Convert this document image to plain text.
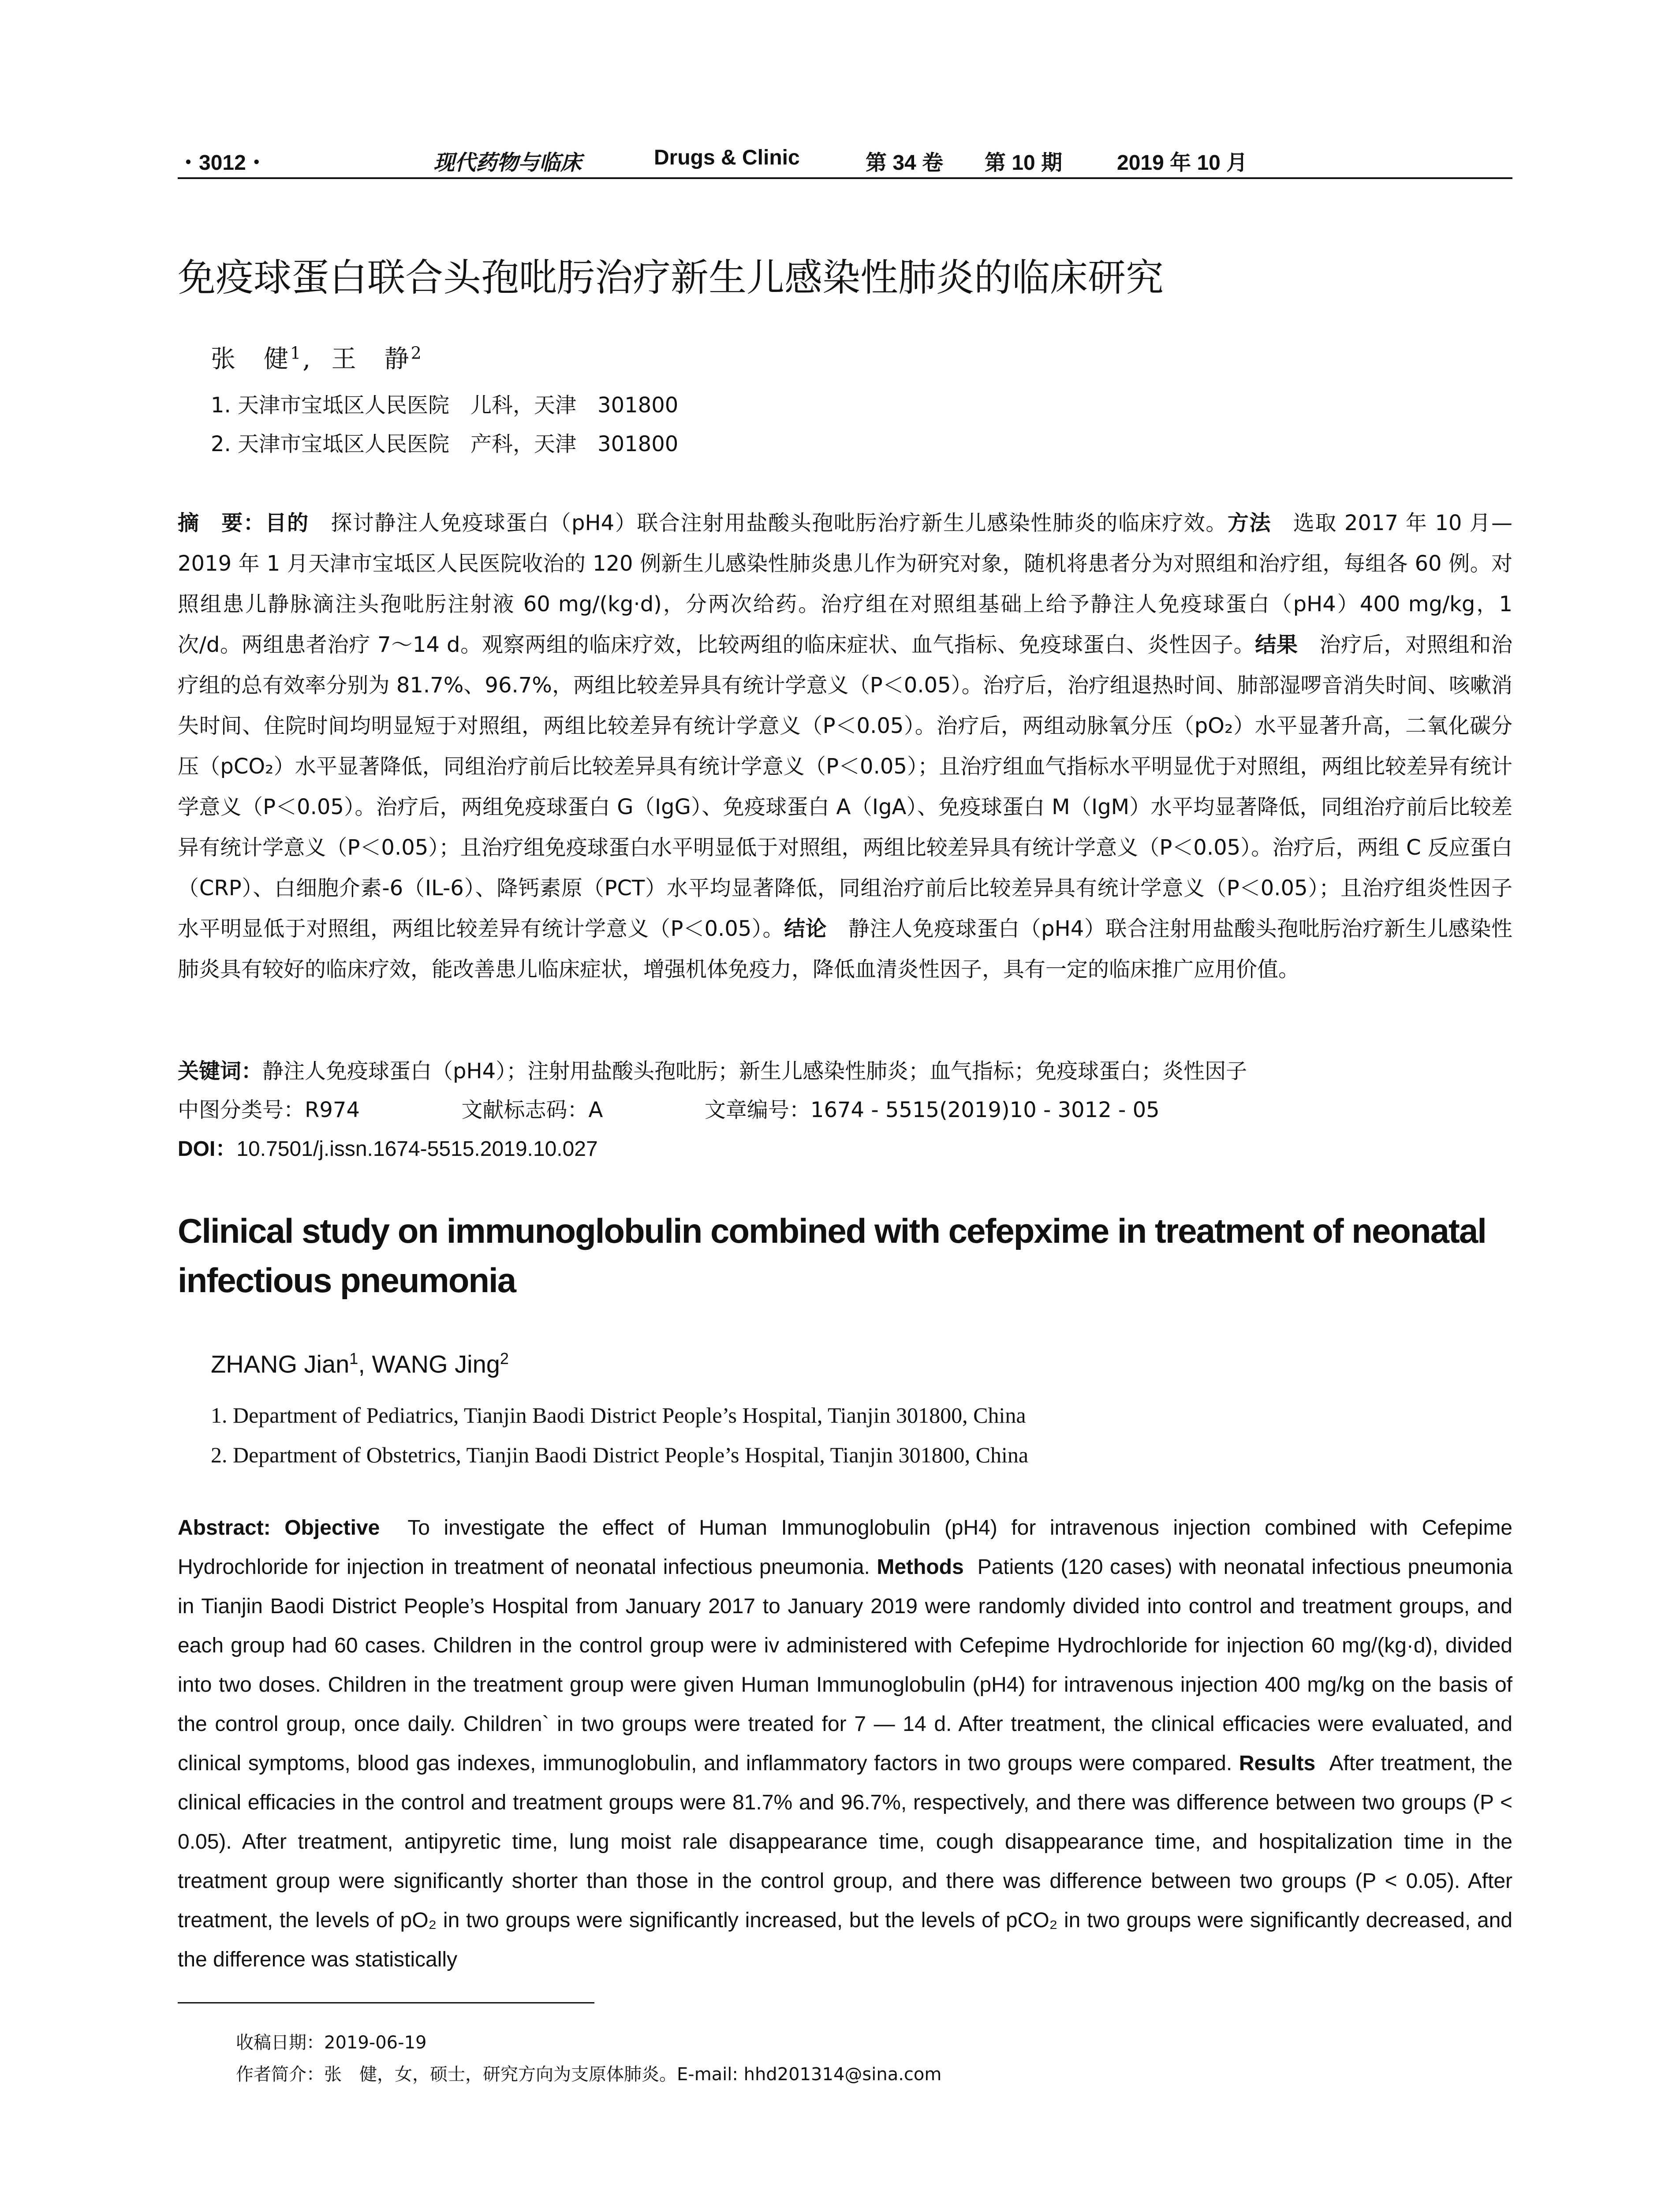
・3012・	现代药物与临床	Drugs & Clinic	第 34 卷 第 10 期	2019 年 10 月
免疫球蛋白联合头孢吡肟治疗新生儿感染性肺炎的临床研究
张　健$^1$, 王　静$^2$
1. 天津市宝坻区人民医院　儿科，天津　301800
2. 天津市宝坻区人民医院　产科，天津　301800
摘　要：目的　 探讨静注人免疫球蛋白（pH4）联合注射用盐酸头孢吡肟治疗新生儿感染性肺炎的临床疗效。方法　 选取 2017 年 10 月—2019 年 1 月天津市宝坻区人民医院收治的 120 例新生儿感染性肺炎患儿作为研究对象，随机将患者分为对照组和治疗组，每组各 60 例。对照组患儿静脉滴注头孢吡肟注射液 60 mg/(kg·d)，分两次给药。治疗组在对照组基础上给予静注人免疫球蛋白（pH4）400 mg/kg，1 次/d。两组患者治疗 7～14 d。观察两组的临床疗效，比较两组的临床症状、血气指标、免疫球蛋白、炎性因子。结果　 治疗后，对照组和治疗组的总有效率分别为 81.7%、96.7%，两组比较差异具有统计学意义（P＜0.05）。治疗后，治疗组退热时间、肺部湿啰音消失时间、咳嗽消失时间、住院时间均明显短于对照组，两组比较差异有统计学意义（P＜0.05）。治疗后，两组动脉氧分压（pO₂）水平显著升高，二氧化碳分压（pCO₂）水平显著降低，同组治疗前后比较差异具有统计学意义（P＜0.05）；且治疗组血气指标水平明显优于对照组，两组比较差异有统计学意义（P＜0.05）。治疗后，两组免疫球蛋白 G（IgG）、免疫球蛋白 A（IgA）、免疫球蛋白 M（IgM）水平均显著降低，同组治疗前后比较差异有统计学意义（P＜0.05）；且治疗组免疫球蛋白水平明显低于对照组，两组比较差异具有统计学意义（P＜0.05）。治疗后，两组 C 反应蛋白（CRP）、白细胞介素-6（IL-6）、降钙素原（PCT）水平均显著降低，同组治疗前后比较差异具有统计学意义（P＜0.05）；且治疗组炎性因子水平明显低于对照组，两组比较差异有统计学意义（P＜0.05）。结论　 静注人免疫球蛋白（pH4）联合注射用盐酸头孢吡肟治疗新生儿感染性肺炎具有较好的临床疗效，能改善患儿临床症状，增强机体免疫力，降低血清炎性因子，具有一定的临床推广应用价值。
关键词：静注人免疫球蛋白（pH4）；注射用盐酸头孢吡肟；新生儿感染性肺炎；血气指标；免疫球蛋白；炎性因子
中图分类号：R974	文献标志码：A	文章编号：1674 - 5515(2019)10 - 3012 - 05
DOI：10.7501/j.issn.1674-5515.2019.10.027
Clinical study on immunoglobulin combined with cefepxime in treatment of neonatal infectious pneumonia
ZHANG Jian$^1$, WANG Jing$^2$
1. Department of Pediatrics, Tianjin Baodi District People’s Hospital, Tianjin 301800, China
2. Department of Obstetrics, Tianjin Baodi District People’s Hospital, Tianjin 301800, China
Abstract: Objective To investigate the effect of Human Immunoglobulin (pH4) for intravenous injection combined with Cefepime Hydrochloride for injection in treatment of neonatal infectious pneumonia. Methods Patients (120 cases) with neonatal infectious pneumonia in Tianjin Baodi District People’s Hospital from January 2017 to January 2019 were randomly divided into control and treatment groups, and each group had 60 cases. Children in the control group were iv administered with Cefepime Hydrochloride for injection 60 mg/(kg·d), divided into two doses. Children in the treatment group were given Human Immunoglobulin (pH4) for intravenous injection 400 mg/kg on the basis of the control group, once daily. Children` in two groups were treated for 7 — 14 d. After treatment, the clinical efficacies were evaluated, and clinical symptoms, blood gas indexes, immunoglobulin, and inflammatory factors in two groups were compared. Results After treatment, the clinical efficacies in the control and treatment groups were 81.7% and 96.7%, respectively, and there was difference between two groups (P < 0.05). After treatment, antipyretic time, lung moist rale disappearance time, cough disappearance time, and hospitalization time in the treatment group were significantly shorter than those in the control group, and there was difference between two groups (P < 0.05). After treatment, the levels of pO₂ in two groups were significantly increased, but the levels of pCO₂ in two groups were significantly decreased, and the difference was statistically
收稿日期：2019-06-19
作者简介：张　健，女，硕士，研究方向为支原体肺炎。E-mail: hhd201314@sina.com
